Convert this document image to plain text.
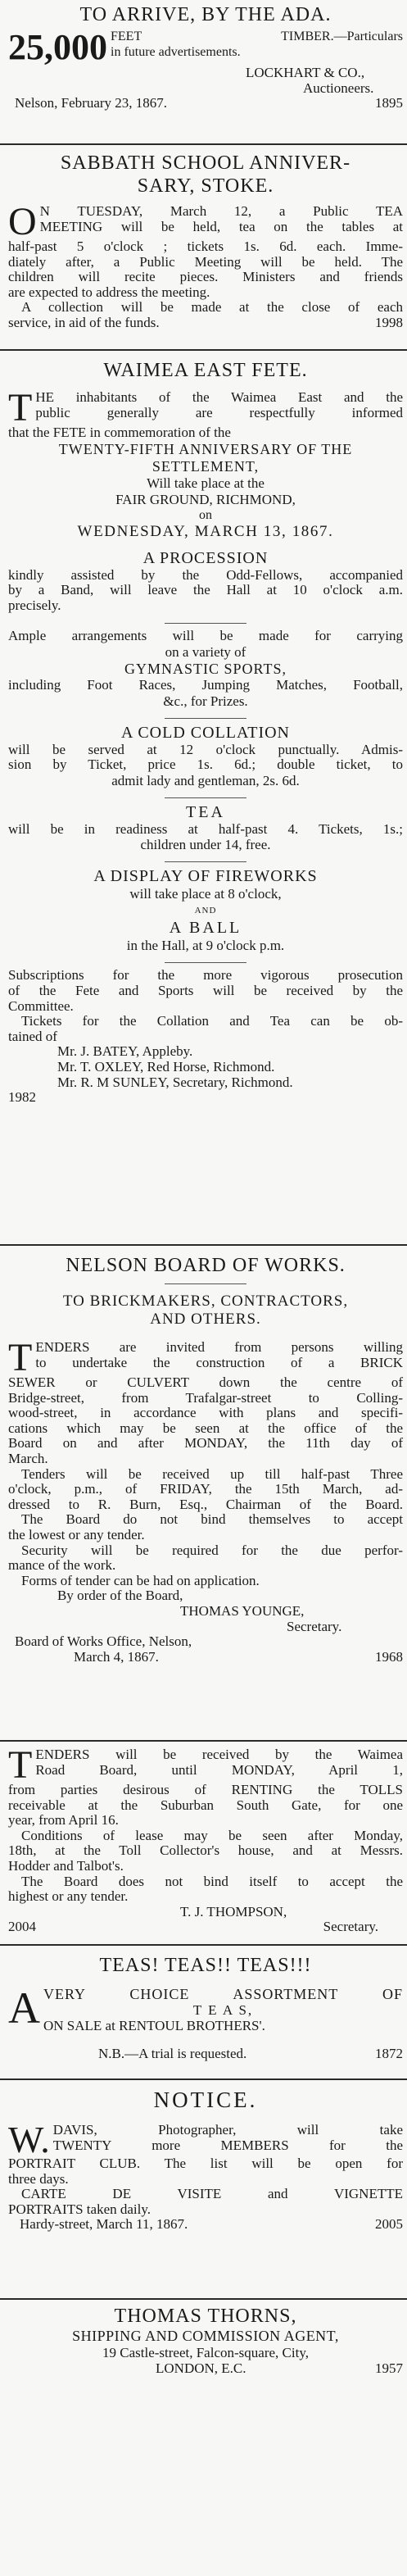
TO ARRIVE, BY THE ADA.
25,000 FEET TIMBER.—Particulars
in future advertisements.
LOCKHART & CO.,
Auctioneers.
Nelson, February 23, 1867.	1895
SABBATH SCHOOL ANNIVER-
SARY, STOKE.
O N TUESDAY, March 12, a Public TEA
MEETING will be held, tea on the tables at
half-past 5 o'clock ; tickets 1s. 6d. each. Imme-
diately after, a Public Meeting will be held. The
children will recite pieces. Ministers and friends
are expected to address the meeting.
A collection will be made at the close of each
service, in aid of the funds.	1998
WAIMEA EAST FETE.
T HE inhabitants of the Waimea East and the
public generally are respectfully informed
that the FETE in commemoration of the
TWENTY-FIFTH ANNIVERSARY OF THE
SETTLEMENT,
Will take place at the
FAIR GROUND, RICHMOND,
on
WEDNESDAY, MARCH 13, 1867.
A PROCESSION
kindly assisted by the Odd-Fellows, accompanied
by a Band, will leave the Hall at 10 o'clock a.m.
precisely.
Ample arrangements will be made for carrying
on a variety of
GYMNASTIC SPORTS,
including Foot Races, Jumping Matches, Football,
&c., for Prizes.
A COLD COLLATION
will be served at 12 o'clock punctually. Admis-
sion by Ticket, price 1s. 6d.; double ticket, to
admit lady and gentleman, 2s. 6d.
TEA
will be in readiness at half-past 4. Tickets, 1s.;
children under 14, free.
A DISPLAY OF FIREWORKS
will take place at 8 o'clock,
AND
A BALL
in the Hall, at 9 o'clock p.m.
Subscriptions for the more vigorous prosecution
of the Fete and Sports will be received by the
Committee.
Tickets for the Collation and Tea can be ob-
tained of
Mr. J. BATEY, Appleby.
Mr. T. OXLEY, Red Horse, Richmond.
Mr. R. M SUNLEY, Secretary, Richmond.
1982
NELSON BOARD OF WORKS.
TO BRICKMAKERS, CONTRACTORS,
AND OTHERS.
T ENDERS are invited from persons willing
to undertake the construction of a BRICK
SEWER or CULVERT down the centre of
Bridge-street, from Trafalgar-street to Colling-
wood-street, in accordance with plans and specifi-
cations which may be seen at the office of the
Board on and after MONDAY, the 11th day of
March.
Tenders will be received up till half-past Three
o'clock, p.m., of FRIDAY, the 15th March, ad-
dressed to R. Burn, Esq., Chairman of the Board.
The Board do not bind themselves to accept
the lowest or any tender.
Security will be required for the due perfor-
mance of the work.
Forms of tender can be had on application.
By order of the Board,
THOMAS YOUNGE,
Secretary.
Board of Works Office, Nelson,
March 4, 1867.	1968
T ENDERS will be received by the Waimea
Road Board, until MONDAY, April 1,
from parties desirous of RENTING the TOLLS
receivable at the Suburban South Gate, for one
year, from April 16.
Conditions of lease may be seen after Monday,
18th, at the Toll Collector's house, and at Messrs.
Hodder and Talbot's.
The Board does not bind itself to accept the
highest or any tender.
T. J. THOMPSON,
2004	Secretary.
TEAS! TEAS!! TEAS!!!
A VERY CHOICE ASSORTMENT OF
T E A S,
ON SALE at RENTOUL BROTHERS'.
N.B.—A trial is requested.	1872
NOTICE.
W. DAVIS, Photographer, will take
TWENTY more MEMBERS for the
PORTRAIT CLUB. The list will be open for
three days.
CARTE DE VISITE and VIGNETTE
PORTRAITS taken daily.
Hardy-street, March 11, 1867.	2005
THOMAS THORNS,
SHIPPING AND COMMISSION AGENT,
19 Castle-street, Falcon-square, City,
LONDON, E.C.	1957
